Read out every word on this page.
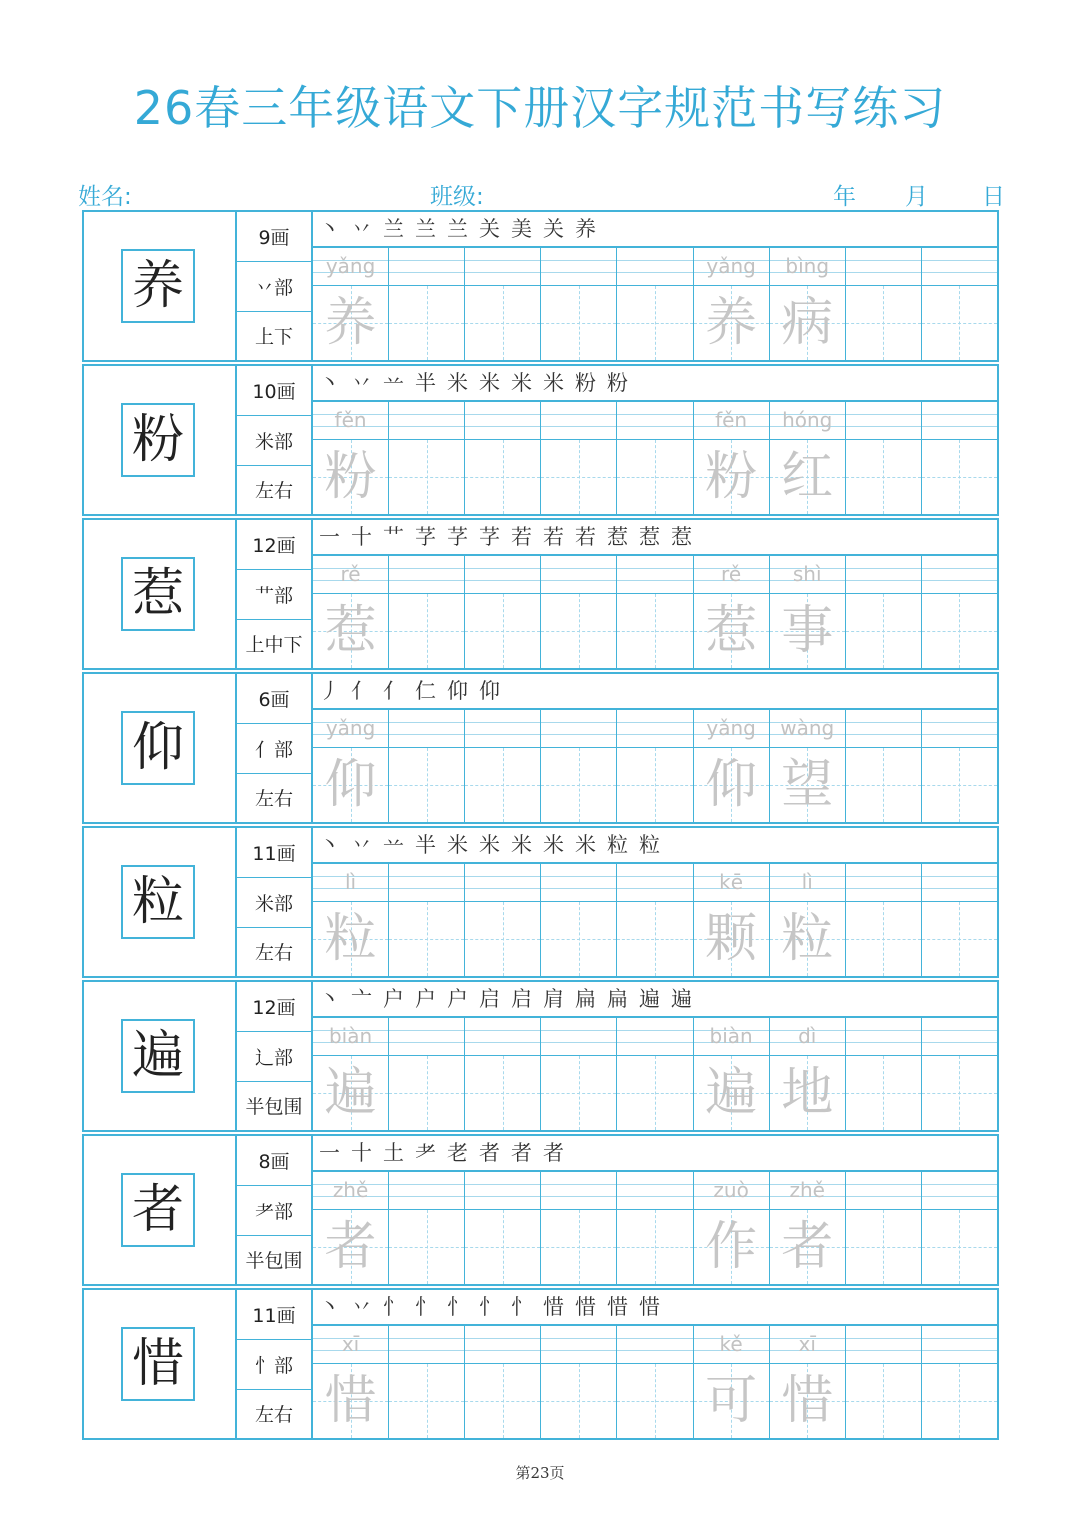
26春三年级语文下册汉字规范书写练习
姓名:	班级:	年 月 日
养
9画
丷部
上下
丶 丷 兰 兰 兰 关 美 关 养
yǎng
养
yǎng
养
bìng
病
粉
10画
米部
左右
丶 丷 䒑 半 米 米 米 米 粉 粉
fěn
粉
fěn
粉
hóng
红
惹
12画
艹部
上中下
一 十 艹 芓 芓 芓 若 若 若 惹 惹 惹
rě
惹
rě
惹
shì
事
仰
6画
亻部
左右
丿 亻 亻 仁 仰 仰
yǎng
仰
yǎng
仰
wàng
望
粒
11画
米部
左右
丶 丷 䒑 半 米 米 米 米 米 粒 粒
lì
粒
kē
颗
lì
粒
遍
12画
辶部
半包围
丶 亠 户 户 户 启 启 肩 扁 扁 遍 遍
biàn
遍
biàn
遍
dì
地
者
8画
耂部
半包围
一 十 土 耂 老 者 者 者
zhě
者
zuò
作
zhě
者
惜
11画
忄部
左右
丶 丷 忄 忄 忄 忄 忄 惜 惜 惜 惜
xī
惜
kě
可
xī
惜
第23页
